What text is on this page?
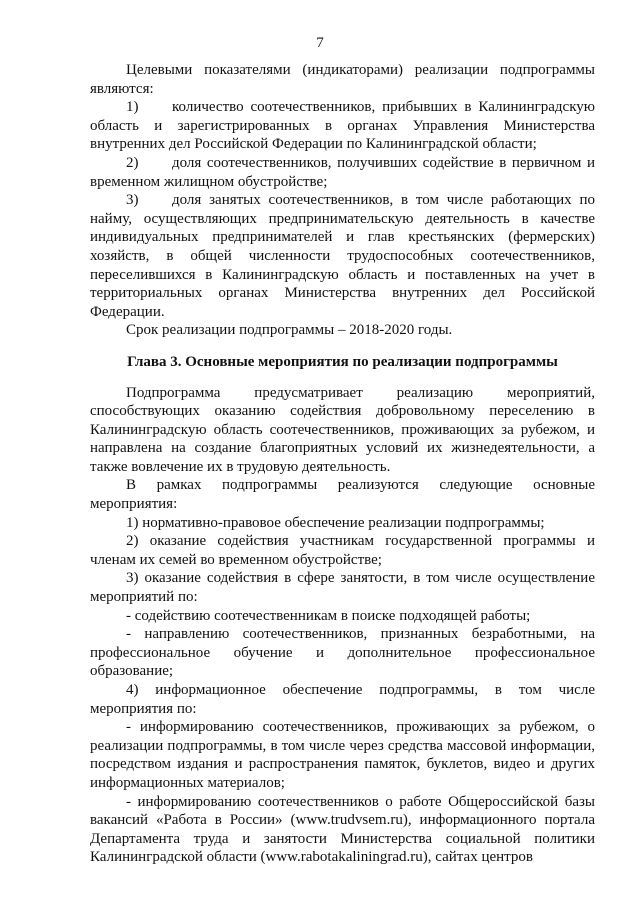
7

Целевыми показателями (индикаторами) реализации подпрограммы являются:

1) количество соотечественников, прибывших в Калининградскую область и зарегистрированных в органах Управления Министерства внутренних дел Российской Федерации по Калининградской области;

2) доля соотечественников, получивших содействие в первичном и временном жилищном обустройстве;

3) доля занятых соотечественников, в том числе работающих по найму, осуществляющих предпринимательскую деятельность в качестве индивидуальных предпринимателей и глав крестьянских (фермерских) хозяйств, в общей численности трудоспособных соотечественников, переселившихся в Калининградскую область и поставленных на учет в территориальных органах Министерства внутренних дел Российской Федерации.

Срок реализации подпрограммы – 2018-2020 годы.

Глава 3. Основные мероприятия по реализации подпрограммы

Подпрограмма предусматривает реализацию мероприятий, способствующих оказанию содействия добровольному переселению в Калининградскую область соотечественников, проживающих за рубежом, и направлена на создание благоприятных условий их жизнедеятельности, а также вовлечение их в трудовую деятельность.

В рамках подпрограммы реализуются следующие основные мероприятия:

1) нормативно-правовое обеспечение реализации подпрограммы;

2) оказание содействия участникам государственной программы и членам их семей во временном обустройстве;

3) оказание содействия в сфере занятости, в том числе осуществление мероприятий по:

- содействию соотечественникам в поиске подходящей работы;

- направлению соотечественников, признанных безработными, на профессиональное обучение и дополнительное профессиональное образование;

4) информационное обеспечение подпрограммы, в том числе мероприятия по:

- информированию соотечественников, проживающих за рубежом, о реализации подпрограммы, в том числе через средства массовой информации, посредством издания и распространения памяток, буклетов, видео и других информационных материалов;

- информированию соотечественников о работе Общероссийской базы вакансий «Работа в России» (www.trudvsem.ru), информационного портала Департамента труда и занятости Министерства социальной политики Калининградской области (www.rabotakaliningrad.ru), сайтах центров
